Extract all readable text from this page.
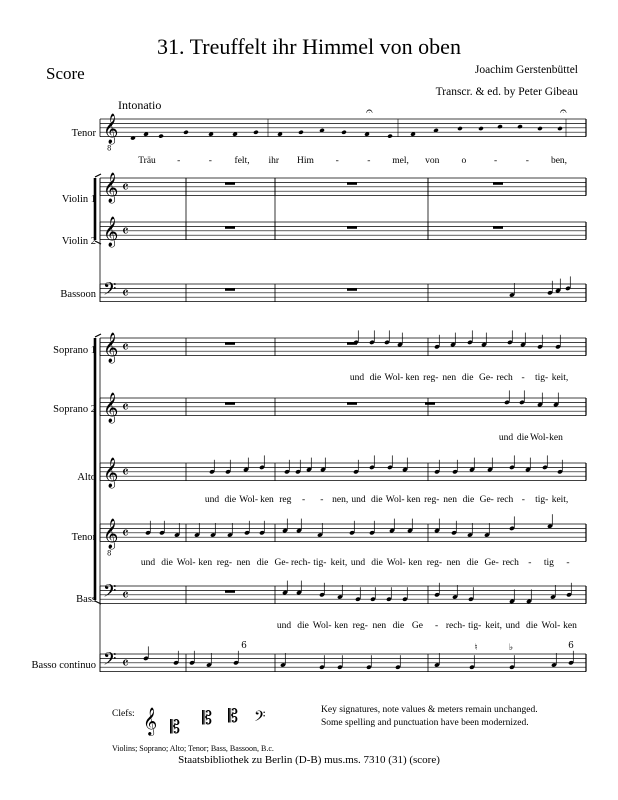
31. Treuffelt ihr Himmel von oben
Score	Joachim Gerstenbüttel
Transcr. & ed. by Peter Gibeau
Intonatio
Tenor
Violin 1
Violin 2
Bassoon
Soprano 1
Soprano 2
Alto
Tenor
Bass
Basso continuo
𝄞
8
𝄞 𝄴
𝄞 𝄴
𝄢 𝄴
𝄞 𝄴
𝄞 𝄴
𝄞 𝄴
𝄞
8
𝄴
𝄢 𝄴
𝄢 𝄴
𝄐	𝄐
Träu -	- felt, ihr Him -	- mel, von o	-	- ben,
und die Wol- ken reg- nen die Ge- rech - tig- keit,
und die Wol- ken
und die Wol- ken reg - - nen, und die Wol- ken reg- nen die Ge- rech - tig- keit,
und die Wol- ken reg- nen die Ge- rech- tig- keit, und die Wol- ken reg- nen die Ge- rech - tig -
und die Wol- ken reg- nen die Ge - rech- tig- keit, und die Wol- ken
6	♮	♭	6
𝄞 𝄡 𝄡 𝄡 𝄢
Clefs:
Violins; Soprano; Alto; Tenor; Bass, Bassoon, B.c.
Key signatures, note values & meters remain unchanged.
Some spelling and punctuation have been modernized.
Staatsbibliothek zu Berlin (D-B) mus.ms. 7310 (31) (score)
